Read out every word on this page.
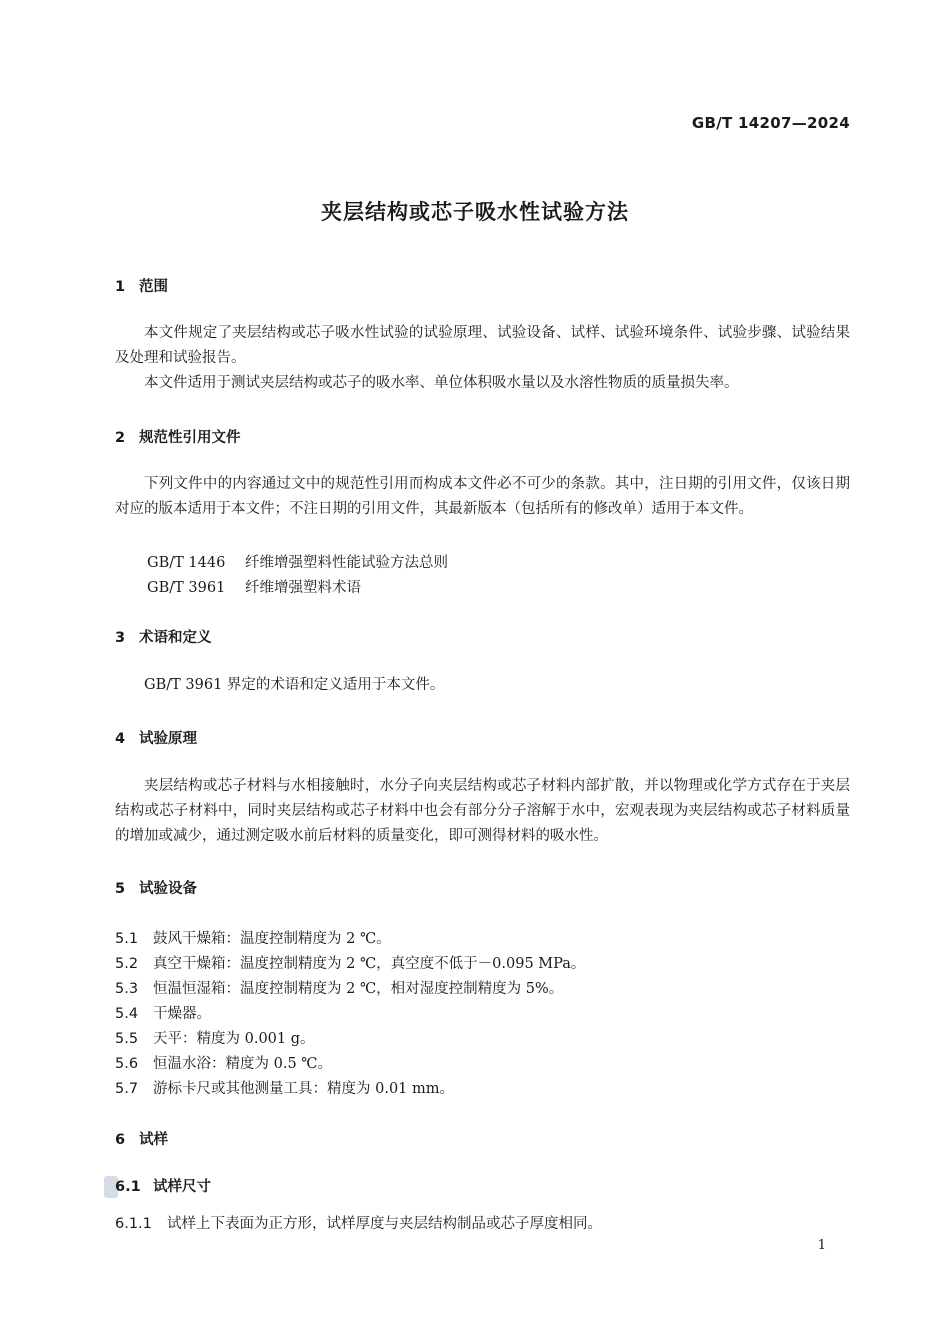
GB/T 14207—2024
夹层结构或芯子吸水性试验方法
1 范围

本文件规定了夹层结构或芯子吸水性试验的试验原理、试验设备、试样、试验环境条件、试验步骤、试验结果及处理和试验报告。

本文件适用于测试夹层结构或芯子的吸水率、单位体积吸水量以及水溶性物质的质量损失率。

2 规范性引用文件

下列文件中的内容通过文中的规范性引用而构成本文件必不可少的条款。其中，注日期的引用文件，仅该日期对应的版本适用于本文件；不注日期的引用文件，其最新版本（包括所有的修改单）适用于本文件。

GB/T 1446 纤维增强塑料性能试验方法总则
GB/T 3961 纤维增强塑料术语
3 术语和定义

GB/T 3961 界定的术语和定义适用于本文件。

4 试验原理

夹层结构或芯子材料与水相接触时，水分子向夹层结构或芯子材料内部扩散，并以物理或化学方式存在于夹层结构或芯子材料中，同时夹层结构或芯子材料中也会有部分分子溶解于水中，宏观表现为夹层结构或芯子材料质量的增加或减少，通过测定吸水前后材料的质量变化，即可测得材料的吸水性。

5 试验设备
5.1 鼓风干燥箱：温度控制精度为 2 ℃。
5.2 真空干燥箱：温度控制精度为 2 ℃，真空度不低于－0.095 MPa。
5.3 恒温恒湿箱：温度控制精度为 2 ℃，相对湿度控制精度为 5%。
5.4 干燥器。
5.5 天平：精度为 0.001 g。
5.6 恒温水浴：精度为 0.5 ℃。
5.7 游标卡尺或其他测量工具：精度为 0.01 mm。
6 试样
6.1 试样尺寸
6.1.1 试样上下表面为正方形，试样厚度与夹层结构制品或芯子厚度相同。
1
